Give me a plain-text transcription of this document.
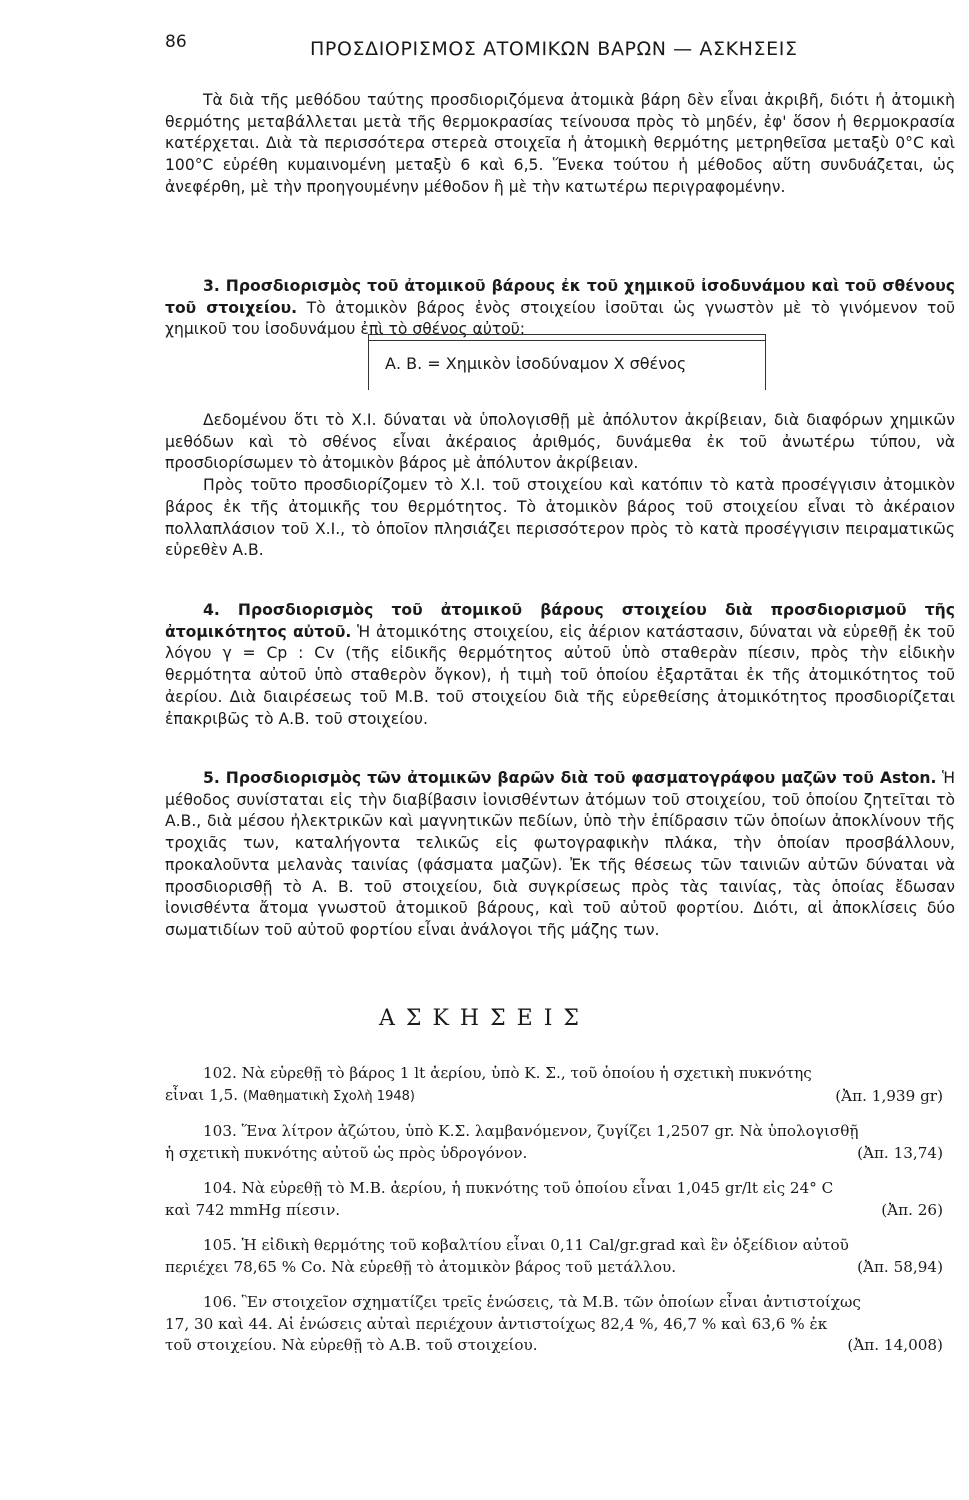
86	ΠΡΟΣΔΙΟΡΙΣΜΟΣ ΑΤΟΜΙΚΩΝ ΒΑΡΩΝ — ΑΣΚΗΣΕΙΣ

Τὰ διὰ τῆς μεθόδου ταύτης προσδιοριζόμενα ἀτομικὰ βάρη δὲν εἶναι ἀκριβῆ, διότι ἡ ἀτομικὴ θερμότης μεταβάλλεται μετὰ τῆς θερμοκρασίας τείνουσα πρὸς τὸ μηδέν, ἐφ' ὅσον ἡ θερμοκρασία κατέρχεται. Διὰ τὰ περισσότερα στερεὰ στοιχεῖα ἡ ἀτομικὴ θερμότης μετρηθεῖσα μεταξὺ 0°C καὶ 100°C εὑρέθη κυμαινομένη μεταξὺ 6 καὶ 6,5. Ἕνεκα τούτου ἡ μέθοδος αὕτη συνδυάζεται, ὡς ἀνεφέρθη, μὲ τὴν προηγουμένην μέθοδον ἢ μὲ τὴν κατωτέρω περιγραφομένην.

3. Προσδιορισμὸς τοῦ ἀτομικοῦ βάρους ἐκ τοῦ χημικοῦ ἰσοδυνάμου καὶ τοῦ σθένους τοῦ στοιχείου. Τὸ ἀτομικὸν βάρος ἑνὸς στοιχείου ἰσοῦται ὡς γνωστὸν μὲ τὸ γινόμενον τοῦ χημικοῦ του ἰσοδυνάμου ἐπὶ τὸ σθένος αὐτοῦ:

Α. Β. = Χημικὸν ἰσοδύναμον Χ σθένος

Δεδομένου ὅτι τὸ Χ.Ι. δύναται νὰ ὑπολογισθῇ μὲ ἀπόλυτον ἀκρίβειαν, διὰ διαφόρων χημικῶν μεθόδων καὶ τὸ σθένος εἶναι ἀκέραιος ἀριθμός, δυνάμεθα ἐκ τοῦ ἀνωτέρω τύπου, νὰ προσδιορίσωμεν τὸ ἀτομικὸν βάρος μὲ ἀπόλυτον ἀκρίβειαν.

Πρὸς τοῦτο προσδιορίζομεν τὸ Χ.Ι. τοῦ στοιχείου καὶ κατόπιν τὸ κατὰ προσέγγισιν ἀτομικὸν βάρος ἐκ τῆς ἀτομικῆς του θερμότητος. Τὸ ἀτομικὸν βάρος τοῦ στοιχείου εἶναι τὸ ἀκέραιον πολλαπλάσιον τοῦ Χ.Ι., τὸ ὁποῖον πλησιάζει περισσότερον πρὸς τὸ κατὰ προσέγγισιν πειραματικῶς εὑρεθὲν Α.Β.

4. Προσδιορισμὸς τοῦ ἀτομικοῦ βάρους στοιχείου διὰ προσδιορισμοῦ τῆς ἀτομικότητος αὐτοῦ. Ἡ ἀτομικότης στοιχείου, εἰς ἀέριον κατάστασιν, δύναται νὰ εὑρεθῇ ἐκ τοῦ λόγου γ = Cp : Cv (τῆς εἰδικῆς θερμότητος αὐτοῦ ὑπὸ σταθερὰν πίεσιν, πρὸς τὴν εἰδικὴν θερμότητα αὐτοῦ ὑπὸ σταθερὸν ὄγκον), ἡ τιμὴ τοῦ ὁποίου ἐξαρτᾶται ἐκ τῆς ἀτομικότητος τοῦ ἀερίου. Διὰ διαιρέσεως τοῦ Μ.Β. τοῦ στοιχείου διὰ τῆς εὑρεθείσης ἀτομικότητος προσδιορίζεται ἐπακριβῶς τὸ Α.Β. τοῦ στοιχείου.

5. Προσδιορισμὸς τῶν ἀτομικῶν βαρῶν διὰ τοῦ φασματογράφου μαζῶν τοῦ Aston. Ἡ μέθοδος συνίσταται εἰς τὴν διαβίβασιν ἰονισθέντων ἀτόμων τοῦ στοιχείου, τοῦ ὁποίου ζητεῖται τὸ Α.Β., διὰ μέσου ἠλεκτρικῶν καὶ μαγνητικῶν πεδίων, ὑπὸ τὴν ἐπίδρασιν τῶν ὁποίων ἀποκλίνουν τῆς τροχιᾶς των, καταλήγοντα τελικῶς εἰς φωτογραφικὴν πλάκα, τὴν ὁποίαν προσβάλλουν, προκαλοῦντα μελανὰς ταινίας (φάσματα μαζῶν). Ἐκ τῆς θέσεως τῶν ταινιῶν αὐτῶν δύναται νὰ προσδιορισθῇ τὸ Α. Β. τοῦ στοιχείου, διὰ συγκρίσεως πρὸς τὰς ταινίας, τὰς ὁποίας ἔδωσαν ἰονισθέντα ἄτομα γνωστοῦ ἀτομικοῦ βάρους, καὶ τοῦ αὐτοῦ φορτίου. Διότι, αἱ ἀποκλίσεις δύο σωματιδίων τοῦ αὐτοῦ φορτίου εἶναι ἀνάλογοι τῆς μάζης των.

ΑΣΚΗΣΕΙΣ
102. Νὰ εὑρεθῇ τὸ βάρος 1 lt ἀερίου, ὑπὸ Κ. Σ., τοῦ ὁποίου ἡ σχετικὴ πυκνότης
εἶναι 1,5. (Μαθηματικὴ Σχολὴ 1948)	(Ἀπ. 1,939 gr)
103. Ἕνα λίτρον ἀζώτου, ὑπὸ Κ.Σ. λαμβανόμενον, ζυγίζει 1,2507 gr. Νὰ ὑπολογισθῇ
ἡ σχετικὴ πυκνότης αὐτοῦ ὡς πρὸς ὑδρογόνον.	(Ἀπ. 13,74)
104. Νὰ εὑρεθῇ τὸ Μ.Β. ἀερίου, ἡ πυκνότης τοῦ ὁποίου εἶναι 1,045 gr/lt εἰς 24° C
καὶ 742 mmHg πίεσιν.	(Ἀπ. 26)
105. Ἡ εἰδικὴ θερμότης τοῦ κοβαλτίου εἶναι 0,11 Cal/gr.grad καὶ ἓν ὀξείδιον αὐτοῦ
περιέχει 78,65 % Co. Νὰ εὑρεθῇ τὸ ἀτομικὸν βάρος τοῦ μετάλλου.	(Ἀπ. 58,94)
106. Ἓν στοιχεῖον σχηματίζει τρεῖς ἑνώσεις, τὰ Μ.Β. τῶν ὁποίων εἶναι ἀντιστοίχως
17, 30 καὶ 44. Αἱ ἑνώσεις αὐταὶ περιέχουν ἀντιστοίχως 82,4 %, 46,7 % καὶ 63,6 % ἐκ
τοῦ στοιχείου. Νὰ εὑρεθῇ τὸ Α.Β. τοῦ στοιχείου.	(Ἀπ. 14,008)
